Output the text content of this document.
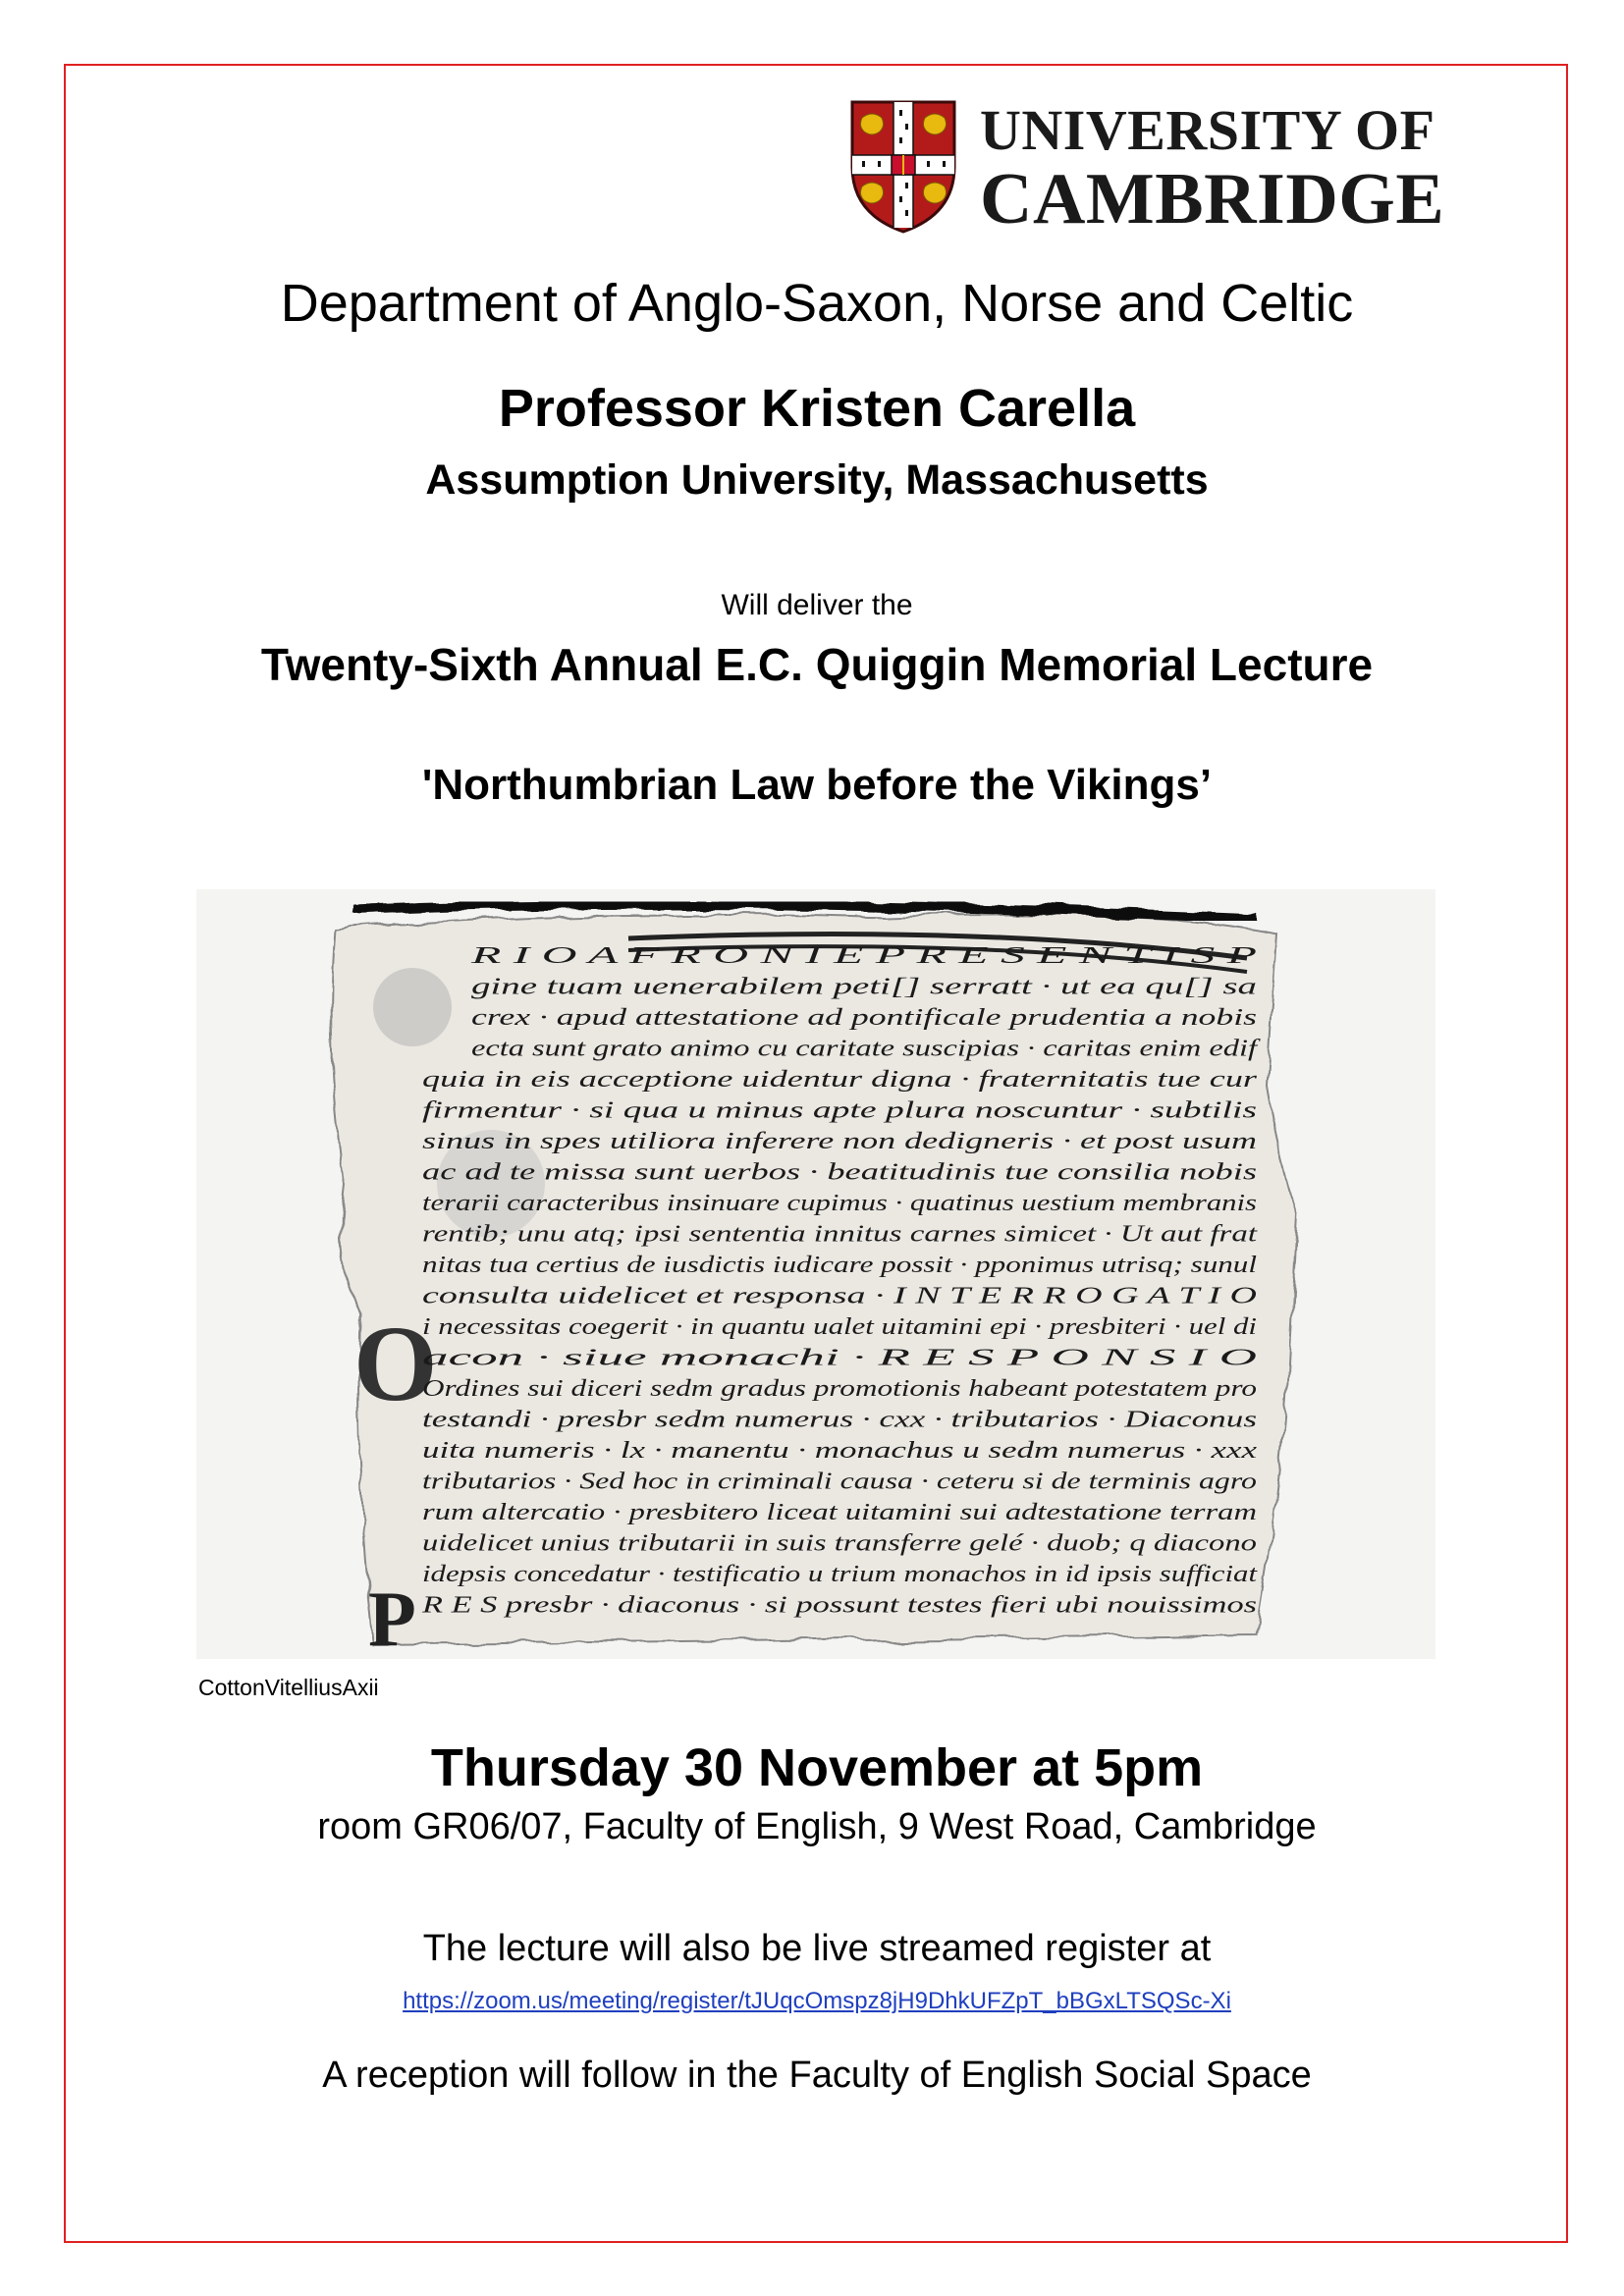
UNIVERSITY OF
CAMBRIDGE
Department of Anglo-Saxon, Norse and Celtic
Professor Kristen Carella
Assumption University, Massachusetts
Will deliver the
Twenty-Sixth Annual E.C. Quiggin Memorial Lecture
'Northumbrian Law before the Vikings’
O
P
R I O A F R O N I E P R E S E N T I S P
gine tuam uenerabilem peti[] serratt · ut ea qu[] sa
crex · apud attestatione ad pontificale prudentia a nobis
ecta sunt grato animo cu caritate suscipias · caritas enim edif
quia in eis acceptione uidentur digna · fraternitatis tue cur
firmentur · si qua u minus apte plura noscuntur · subtilis
sinus in spes utiliora inferere non dedigneris · et post usum
ac ad te missa sunt uerbos · beatitudinis tue consilia nobis
terarii caracteribus insinuare cupimus · quatinus uestium membranis
rentib; unu atq; ipsi sententia innitus carnes simicet · Ut aut frat
nitas tua certius de iusdictis iudicare possit · pponimus utrisq; sunul
consulta uidelicet et responsa · I N T E R R O G A T I O
i necessitas coegerit · in quantu ualet uitamini epi · presbiteri · uel di
acon · siue monachi · R E S P O N S I O
Ordines sui diceri sedm gradus promotionis habeant potestatem pro
testandi · presbr sedm numerus · cxx · tributarios · Diaconus
uita numeris · lx · manentu · monachus u sedm numerus · xxx
tributarios · Sed hoc in criminali causa · ceteru si de terminis agro
rum altercatio · presbitero liceat uitamini sui adtestatione terram
uidelicet unius tributarii in suis transferre gelé · duob; q diacono
idepsis concedatur · testificatio u trium monachos in id ipsis sufficiat
R E S presbr · diaconus · si possunt testes fieri ubi nouissimos
CottonVitelliusAxii
Thursday 30 November at 5pm
room GR06/07, Faculty of English, 9 West Road, Cambridge
The lecture will also be live streamed register at
https://zoom.us/meeting/register/tJUqcOmspz8jH9DhkUFZpT_bBGxLTSQSc-Xi
A reception will follow in the Faculty of English Social Space
